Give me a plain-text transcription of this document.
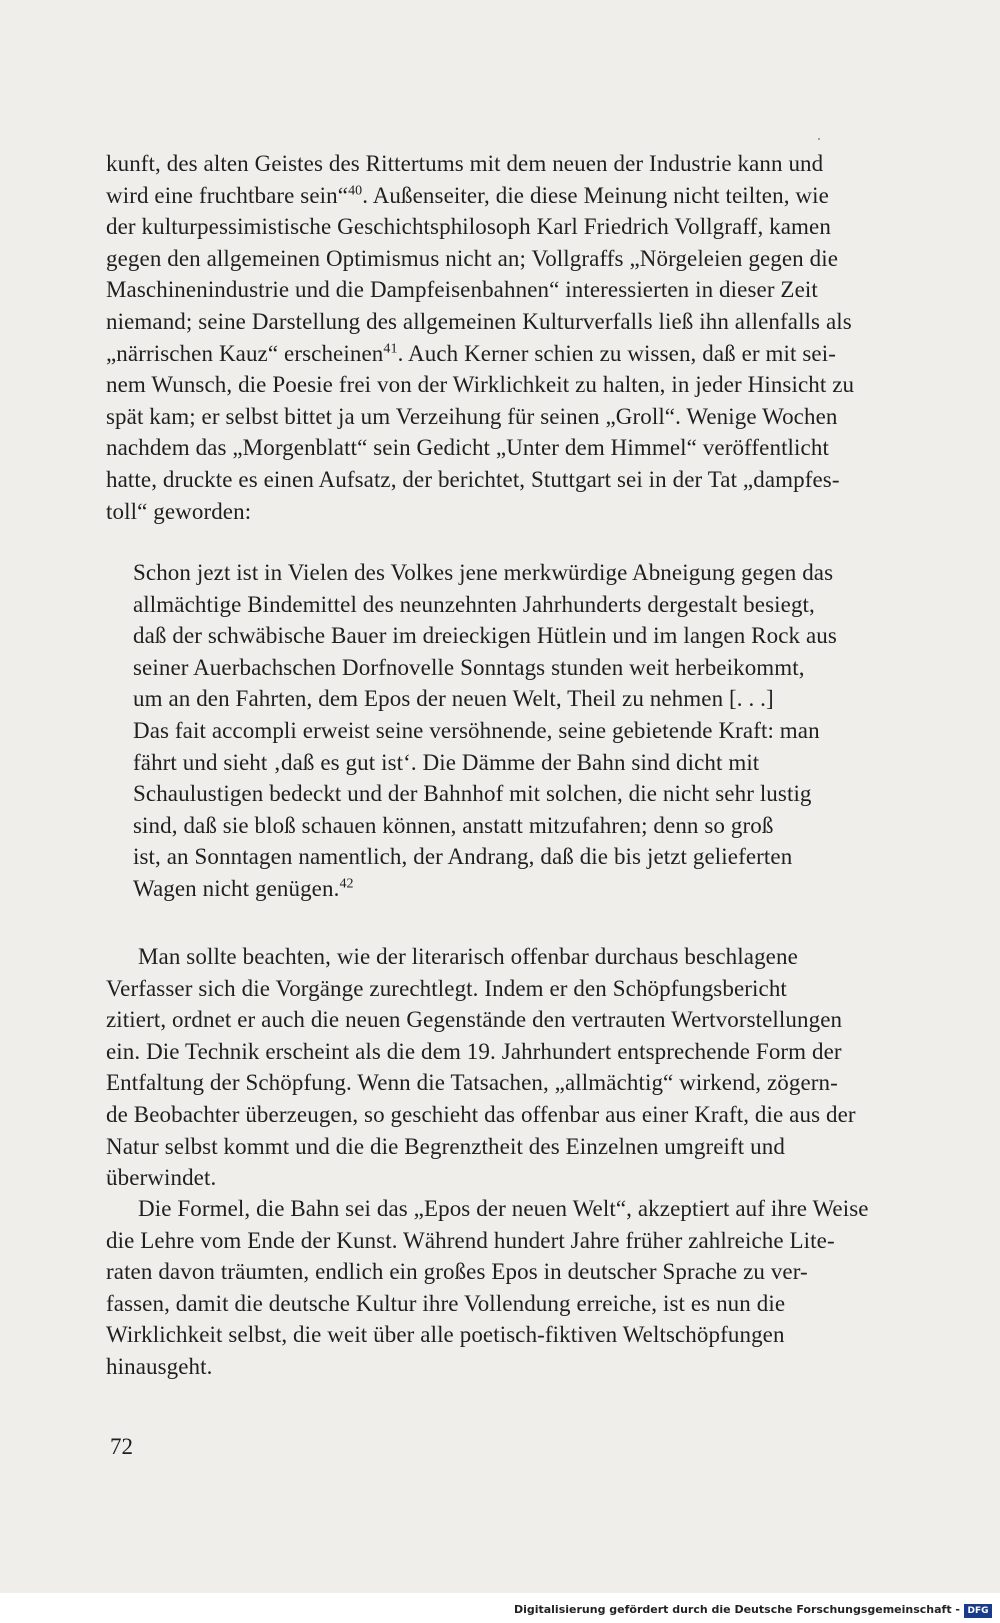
kunft, des alten Geistes des Rittertums mit dem neuen der Industrie kann und
wird eine fruchtbare sein“$^{40}$. Außenseiter, die diese Meinung nicht teilten, wie
der kulturpessimistische Geschichtsphilosoph Karl Friedrich Vollgraff, kamen
gegen den allgemeinen Optimismus nicht an; Vollgraffs „Nörgeleien gegen die
Maschinenindustrie und die Dampfeisenbahnen“ interessierten in dieser Zeit
niemand; seine Darstellung des allgemeinen Kulturverfalls ließ ihn allenfalls als
„närrischen Kauz“ erscheinen$^{41}$. Auch Kerner schien zu wissen, daß er mit sei-
nem Wunsch, die Poesie frei von der Wirklichkeit zu halten, in jeder Hinsicht zu
spät kam; er selbst bittet ja um Verzeihung für seinen „Groll“. Wenige Wochen
nachdem das „Morgenblatt“ sein Gedicht „Unter dem Himmel“ veröffentlicht
hatte, druckte es einen Aufsatz, der berichtet, Stuttgart sei in der Tat „dampfes-
toll“ geworden:
Schon jezt ist in Vielen des Volkes jene merkwürdige Abneigung gegen das
allmächtige Bindemittel des neunzehnten Jahrhunderts dergestalt besiegt,
daß der schwäbische Bauer im dreieckigen Hütlein und im langen Rock aus
seiner Auerbachschen Dorfnovelle Sonntags stunden weit herbeikommt,
um an den Fahrten, dem Epos der neuen Welt, Theil zu nehmen [. . .]
Das fait accompli erweist seine versöhnende, seine gebietende Kraft: man
fährt und sieht ‚daß es gut ist‘. Die Dämme der Bahn sind dicht mit
Schaulustigen bedeckt und der Bahnhof mit solchen, die nicht sehr lustig
sind, daß sie bloß schauen können, anstatt mitzufahren; denn so groß
ist, an Sonntagen namentlich, der Andrang, daß die bis jetzt gelieferten
Wagen nicht genügen.$^{42}$
Man sollte beachten, wie der literarisch offenbar durchaus beschlagene
Verfasser sich die Vorgänge zurechtlegt. Indem er den Schöpfungsbericht
zitiert, ordnet er auch die neuen Gegenstände den vertrauten Wertvorstellungen
ein. Die Technik erscheint als die dem 19. Jahrhundert entsprechende Form der
Entfaltung der Schöpfung. Wenn die Tatsachen, „allmächtig“ wirkend, zögern-
de Beobachter überzeugen, so geschieht das offenbar aus einer Kraft, die aus der
Natur selbst kommt und die die Begrenztheit des Einzelnen umgreift und
überwindet.
Die Formel, die Bahn sei das „Epos der neuen Welt“, akzeptiert auf ihre Weise
die Lehre vom Ende der Kunst. Während hundert Jahre früher zahlreiche Lite-
raten davon träumten, endlich ein großes Epos in deutscher Sprache zu ver-
fassen, damit die deutsche Kultur ihre Vollendung erreiche, ist es nun die
Wirklichkeit selbst, die weit über alle poetisch-fiktiven Weltschöpfungen
hinausgeht.
72
Digitalisierung gefördert durch die Deutsche Forschungsgemeinschaft - DFG
